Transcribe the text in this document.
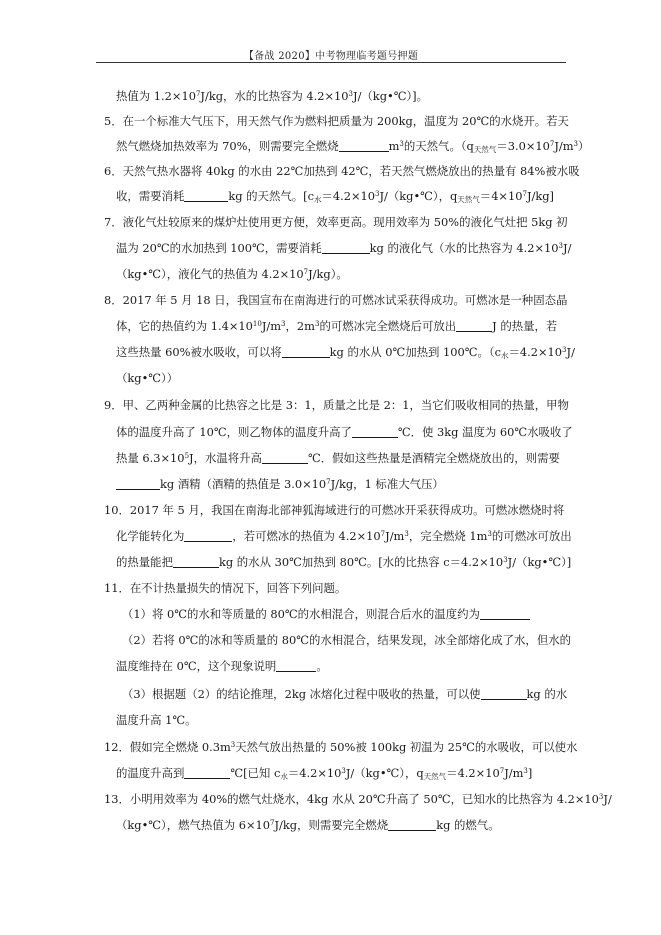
【备战 2020】中考物理临考题号押题
热值为 $1.2\times 10^7J/kg$，水的比热容为 $4.2\times 10^3J/(kg•℃)$]。
5．在一个标准大气压下，用天然气作为燃料把质量为 200kg，温度为 20℃的水烧开。若天
然气燃烧加热效率为 70%，则需要完全燃烧	$m^3$的天然气。$(q_{天然气}=3.0\times 10^7J/m^3)$
6．天然气热水器将 40kg 的水由 22℃加热到 42℃，若天然气燃烧放出的热量有 84%被水吸
收，需要消耗	kg 的天然气。[$c_水=4.2\times 10^3J/(kg•℃)$，$q_{天然气}=4\times 10^7J/kg$]
7．液化气灶较原来的煤炉灶使用更方便，效率更高。现用效率为 50%的液化气灶把 5kg 初
温为 20℃的水加热到 100℃，需要消耗	kg 的液化气（水的比热容为 $4.2\times 10^3J/$
（kg•℃），液化气的热值为 $4.2\times 10^7J/kg$）。
8．2017 年 5 月 18 日，我国宣布在南海进行的可燃冰试采获得成功。可燃冰是一种固态晶
体，它的热值约为 $1.4\times 10^{10}J/m^3$，$2m^3$的可燃冰完全燃烧后可放出	J 的热量，若
这些热量 60%被水吸收，可以将	kg 的水从 0℃加热到 100℃。（$c_水=4.2\times 10^3J/$
（kg•℃））
9．甲、乙两种金属的比热容之比是 3：1，质量之比是 2：1，当它们吸收相同的热量，甲物
体的温度升高了 10℃，则乙物体的温度升高了	℃．使 3kg 温度为 60℃水吸收了
热量 $6.3\times 10^5J$，水温将升高	℃．假如这些热量是酒精完全燃烧放出的，则需要
kg 酒精（酒精的热值是 $3.0\times 10^7J/kg$，1 标准大气压）
10．2017 年 5 月，我国在南海北部神狐海域进行的可燃冰开采获得成功。可燃冰燃烧时将
化学能转化为	，若可燃冰的热值为 $4.2\times 10^7J/m^3$，完全燃烧 $1m^3$的可燃冰可放出
的热量能把	kg 的水从 30℃加热到 80℃。[水的比热容 $c=4.2\times 10^3J/(kg•℃)$]
11．在不计热量损失的情况下，回答下列问题。
（1）将 0℃的水和等质量的 80℃的水相混合，则混合后水的温度约为
（2）若将 0℃的冰和等质量的 80℃的水相混合，结果发现，冰全部熔化成了水，但水的
温度维持在 0℃，这个现象说明	。
（3）根据题（2）的结论推理，2kg 冰熔化过程中吸收的热量，可以使	kg 的水
温度升高 1℃。
12．假如完全燃烧 $0.3m^3$天然气放出热量的 50%被 100kg 初温为 25℃的水吸收，可以使水
的温度升高到	℃[已知 $c_水=4.2\times 10^3J/(kg•℃)$，$q_{天然气}=4.2\times 10^7J/m^3$]
13．小明用效率为 40%的燃气灶烧水，4kg 水从 20℃升高了 50℃，已知水的比热容为 $4.2\times 10^3J/$
（kg•℃），燃气热值为 $6\times 10^7J/kg$，则需要完全燃烧	kg 的燃气。
